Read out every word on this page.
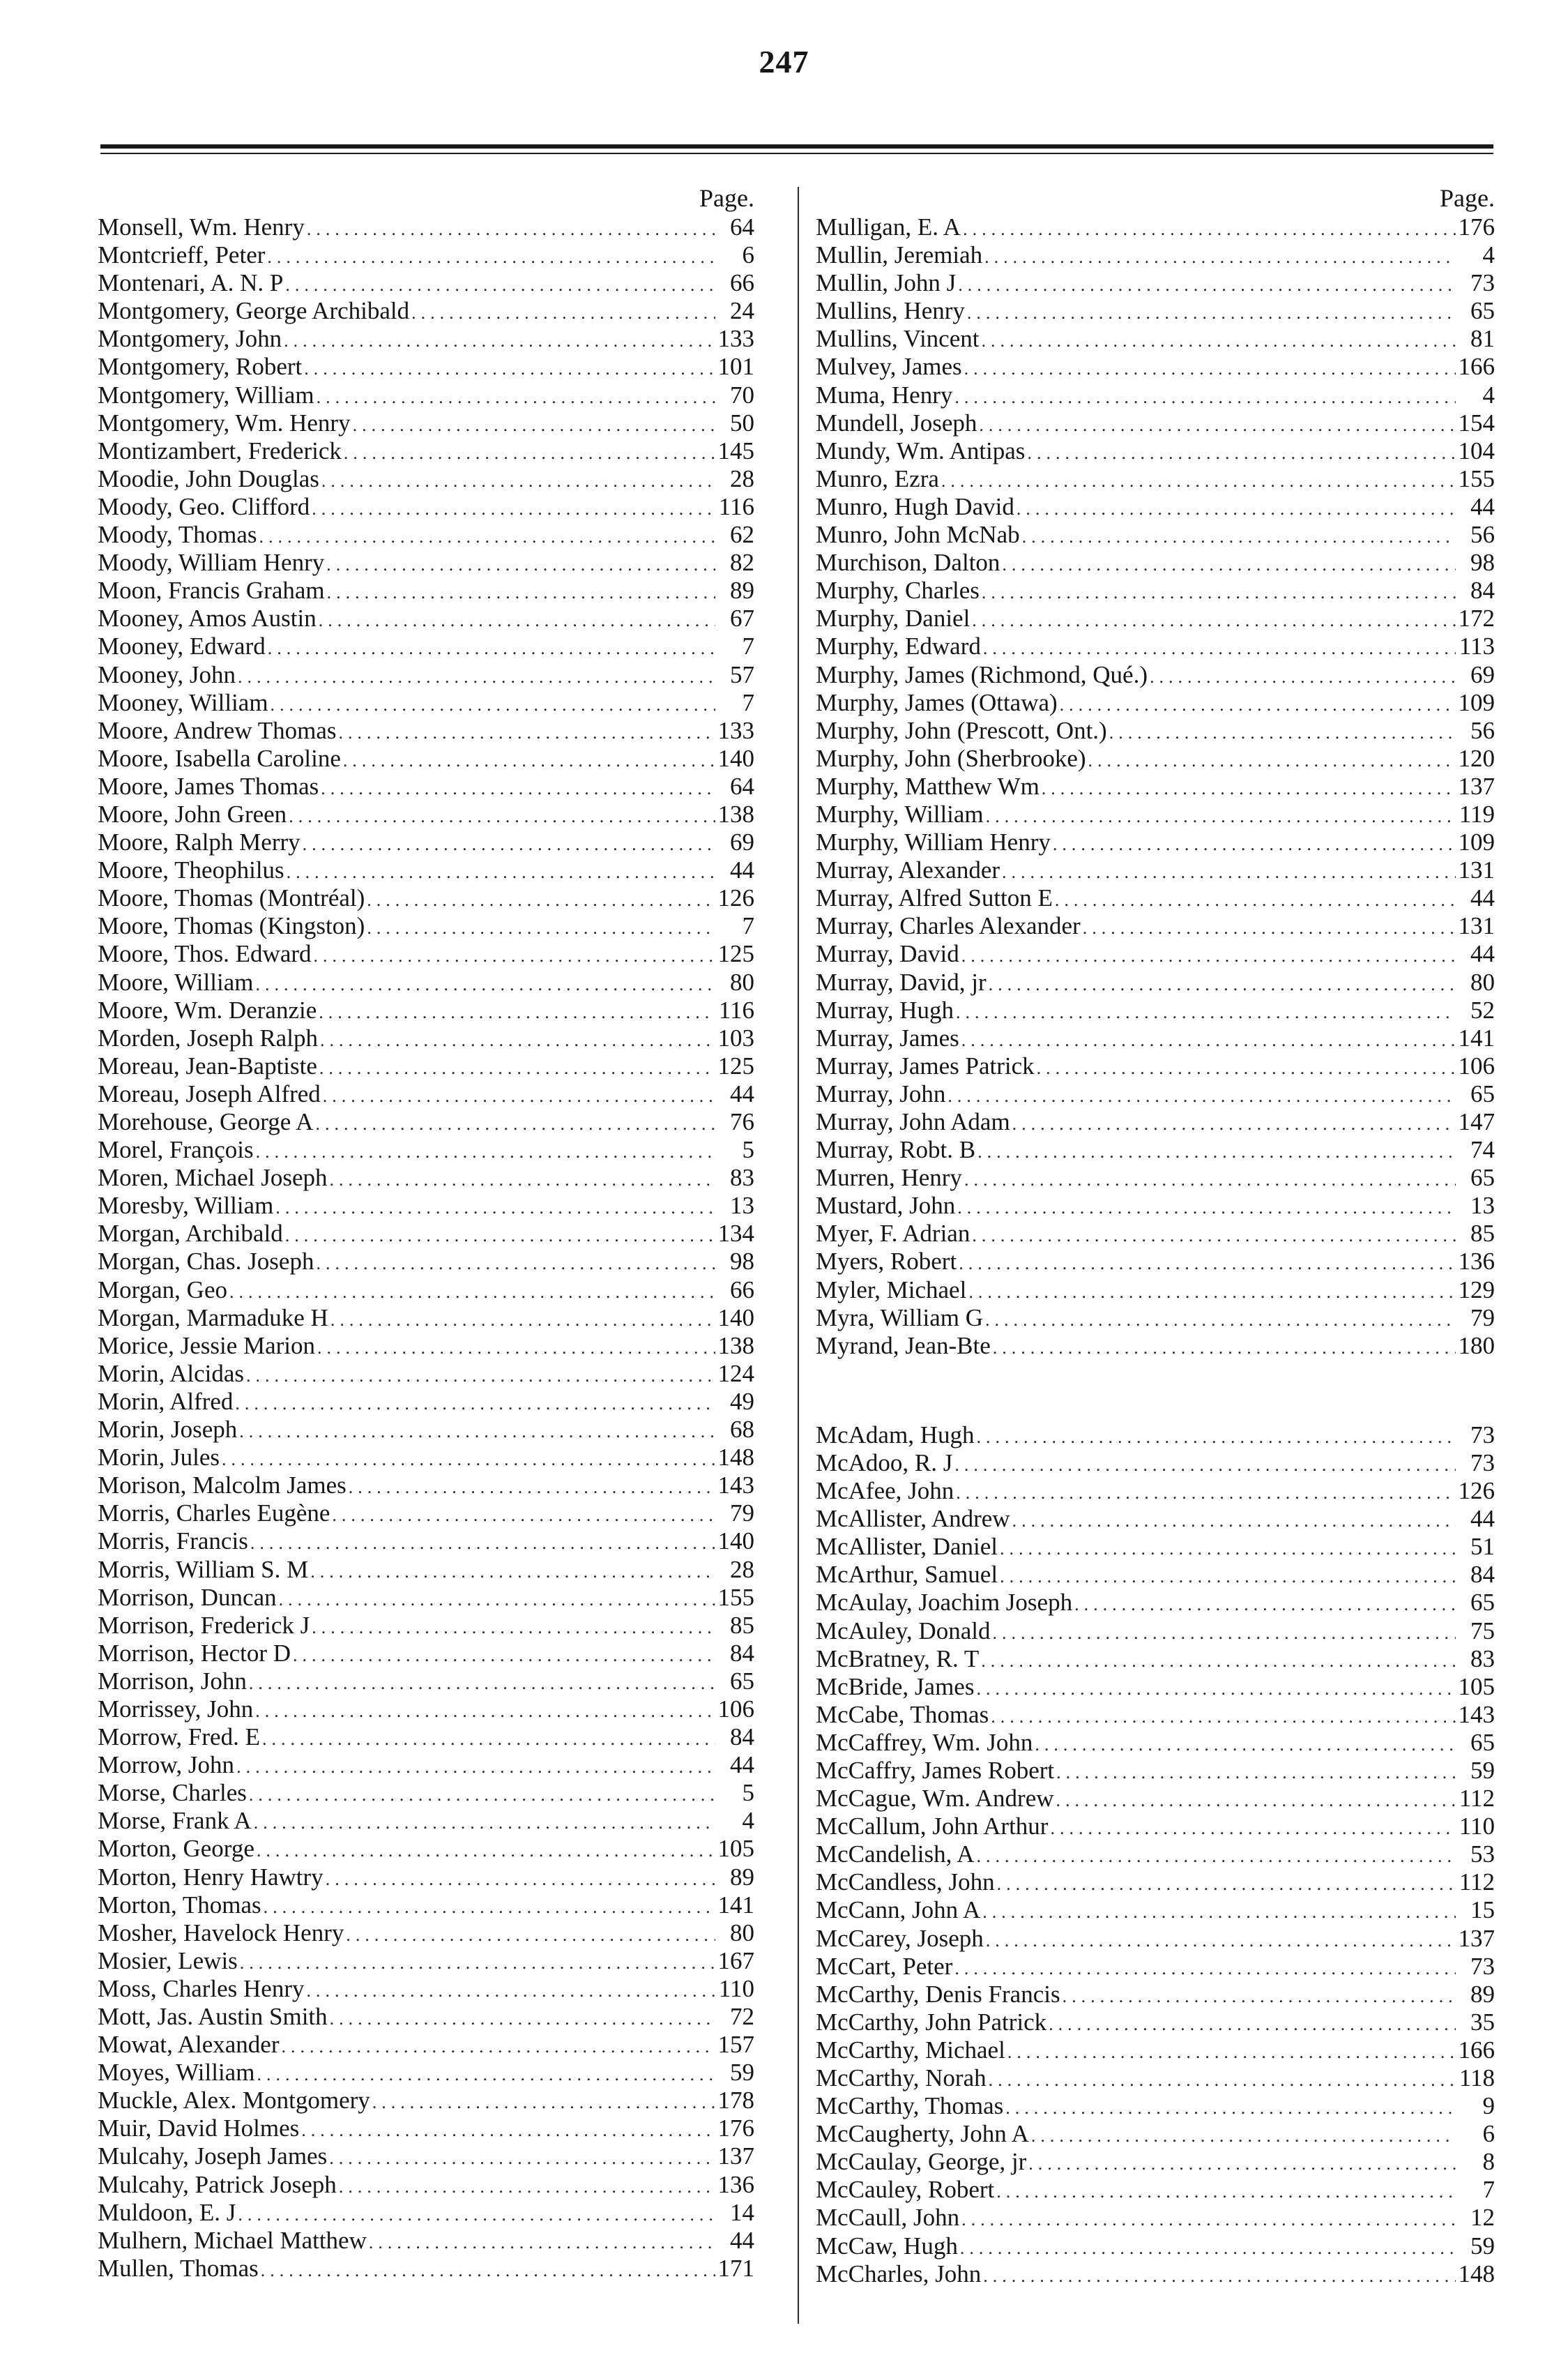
247
Page.
Monsell, Wm. Henry .....	64
Montcrieff, Peter .....	6
Montenari, A. N. P .....	66
Montgomery, George Archibald .....	24
Montgomery, John .....	133
Montgomery, Robert .....	101
Montgomery, William .....	70
Montgomery, Wm. Henry .....	50
Montizambert, Frederick .....	145
Moodie, John Douglas .....	28
Moody, Geo. Clifford .....	116
Moody, Thomas .....	62
Moody, William Henry .....	82
Moon, Francis Graham .....	89
Mooney, Amos Austin .....	67
Mooney, Edward .....	7
Mooney, John .....	57
Mooney, William .....	7
Moore, Andrew Thomas .....	133
Moore, Isabella Caroline .....	140
Moore, James Thomas .....	64
Moore, John Green .....	138
Moore, Ralph Merry .....	69
Moore, Theophilus .....	44
Moore, Thomas (Montréal) .....	126
Moore, Thomas (Kingston) .....	7
Moore, Thos. Edward .....	125
Moore, William .....	80
Moore, Wm. Deranzie .....	116
Morden, Joseph Ralph .....	103
Moreau, Jean-Baptiste .....	125
Moreau, Joseph Alfred .....	44
Morehouse, George A .....	76
Morel, François .....	5
Moren, Michael Joseph .....	83
Moresby, William .....	13
Morgan, Archibald .....	134
Morgan, Chas. Joseph .....	98
Morgan, Geo .....	66
Morgan, Marmaduke H .....	140
Morice, Jessie Marion .....	138
Morin, Alcidas .....	124
Morin, Alfred .....	49
Morin, Joseph .....	68
Morin, Jules .....	148
Morison, Malcolm James .....	143
Morris, Charles Eugène .....	79
Morris, Francis .....	140
Morris, William S. M .....	28
Morrison, Duncan .....	155
Morrison, Frederick J .....	85
Morrison, Hector D .....	84
Morrison, John .....	65
Morrissey, John .....	106
Morrow, Fred. E .....	84
Morrow, John .....	44
Morse, Charles .....	5
Morse, Frank A .....	4
Morton, George .....	105
Morton, Henry Hawtry .....	89
Morton, Thomas .....	141
Mosher, Havelock Henry .....	80
Mosier, Lewis .....	167
Moss, Charles Henry .....	110
Mott, Jas. Austin Smith .....	72
Mowat, Alexander .....	157
Moyes, William .....	59
Muckle, Alex. Montgomery .....	178
Muir, David Holmes .....	176
Mulcahy, Joseph James .....	137
Mulcahy, Patrick Joseph .....	136
Muldoon, E. J .....	14
Mulhern, Michael Matthew .....	44
Mullen, Thomas .....	171
Page.
Mulligan, E. A .....	176
Mullin, Jeremiah .....	4
Mullin, John J .....	73
Mullins, Henry .....	65
Mullins, Vincent .....	81
Mulvey, James .....	166
Muma, Henry .....	4
Mundell, Joseph .....	154
Mundy, Wm. Antipas .....	104
Munro, Ezra .....	155
Munro, Hugh David .....	44
Munro, John McNab .....	56
Murchison, Dalton .....	98
Murphy, Charles .....	84
Murphy, Daniel .....	172
Murphy, Edward .....	113
Murphy, James (Richmond, Qué.) .....	69
Murphy, James (Ottawa) .....	109
Murphy, John (Prescott, Ont.) .....	56
Murphy, John (Sherbrooke) .....	120
Murphy, Matthew Wm .....	137
Murphy, William .....	119
Murphy, William Henry .....	109
Murray, Alexander .....	131
Murray, Alfred Sutton E .....	44
Murray, Charles Alexander .....	131
Murray, David .....	44
Murray, David, jr .....	80
Murray, Hugh .....	52
Murray, James .....	141
Murray, James Patrick .....	106
Murray, John .....	65
Murray, John Adam .....	147
Murray, Robt. B .....	74
Murren, Henry .....	65
Mustard, John .....	13
Myer, F. Adrian .....	85
Myers, Robert .....	136
Myler, Michael .....	129
Myra, William G .....	79
Myrand, Jean-Bte .....	180
McAdam, Hugh .....	73
McAdoo, R. J .....	73
McAfee, John .....	126
McAllister, Andrew .....	44
McAllister, Daniel .....	51
McArthur, Samuel .....	84
McAulay, Joachim Joseph .....	65
McAuley, Donald .....	75
McBratney, R. T .....	83
McBride, James .....	105
McCabe, Thomas .....	143
McCaffrey, Wm. John .....	65
McCaffry, James Robert .....	59
McCague, Wm. Andrew .....	112
McCallum, John Arthur .....	110
McCandelish, A .....	53
McCandless, John .....	112
McCann, John A .....	15
McCarey, Joseph .....	137
McCart, Peter .....	73
McCarthy, Denis Francis .....	89
McCarthy, John Patrick .....	35
McCarthy, Michael .....	166
McCarthy, Norah .....	118
McCarthy, Thomas .....	9
McCaugherty, John A .....	6
McCaulay, George, jr .....	8
McCauley, Robert .....	7
McCaull, John .....	12
McCaw, Hugh .....	59
McCharles, John .....	148
